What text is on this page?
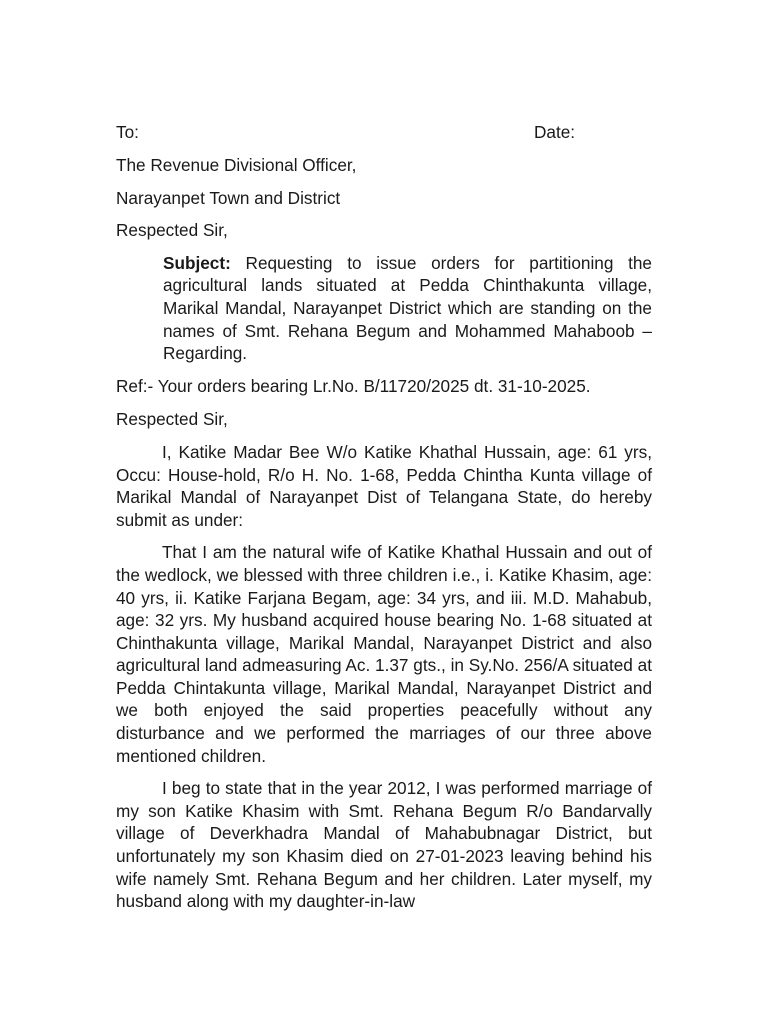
To:	Date:

The Revenue Divisional Officer,

Narayanpet Town and District

Respected Sir,

Subject: Requesting to issue orders for partitioning the agricultural lands situated at Pedda Chinthakunta village, Marikal Mandal, Narayanpet District which are standing on the names of Smt. Rehana Begum and Mohammed Mahaboob – Regarding.

Ref:- Your orders bearing Lr.No. B/11720/2025 dt. 31-10-2025.

Respected Sir,

I, Katike Madar Bee W/o Katike Khathal Hussain, age: 61 yrs, Occu: House-hold, R/o H. No. 1-68, Pedda Chintha Kunta village of Marikal Mandal of Narayanpet Dist of Telangana State, do hereby submit as under:

That I am the natural wife of Katike Khathal Hussain and out of the wedlock, we blessed with three children i.e., i. Katike Khasim, age: 40 yrs, ii. Katike Farjana Begam, age: 34 yrs, and iii. M.D. Mahabub, age: 32 yrs. My husband acquired house bearing No. 1-68 situated at Chinthakunta village, Marikal Mandal, Narayanpet District and also agricultural land admeasuring Ac. 1.37 gts., in Sy.No. 256/A situated at Pedda Chintakunta village, Marikal Mandal, Narayanpet District and we both enjoyed the said properties peacefully without any disturbance and we performed the marriages of our three above mentioned children.

I beg to state that in the year 2012, I was performed marriage of my son Katike Khasim with Smt. Rehana Begum R/o Bandarvally village of Deverkhadra Mandal of Mahabubnagar District, but unfortunately my son Khasim died on 27-01-2023 leaving behind his wife namely Smt. Rehana Begum and her children. Later myself, my husband along with my daughter-in-law
